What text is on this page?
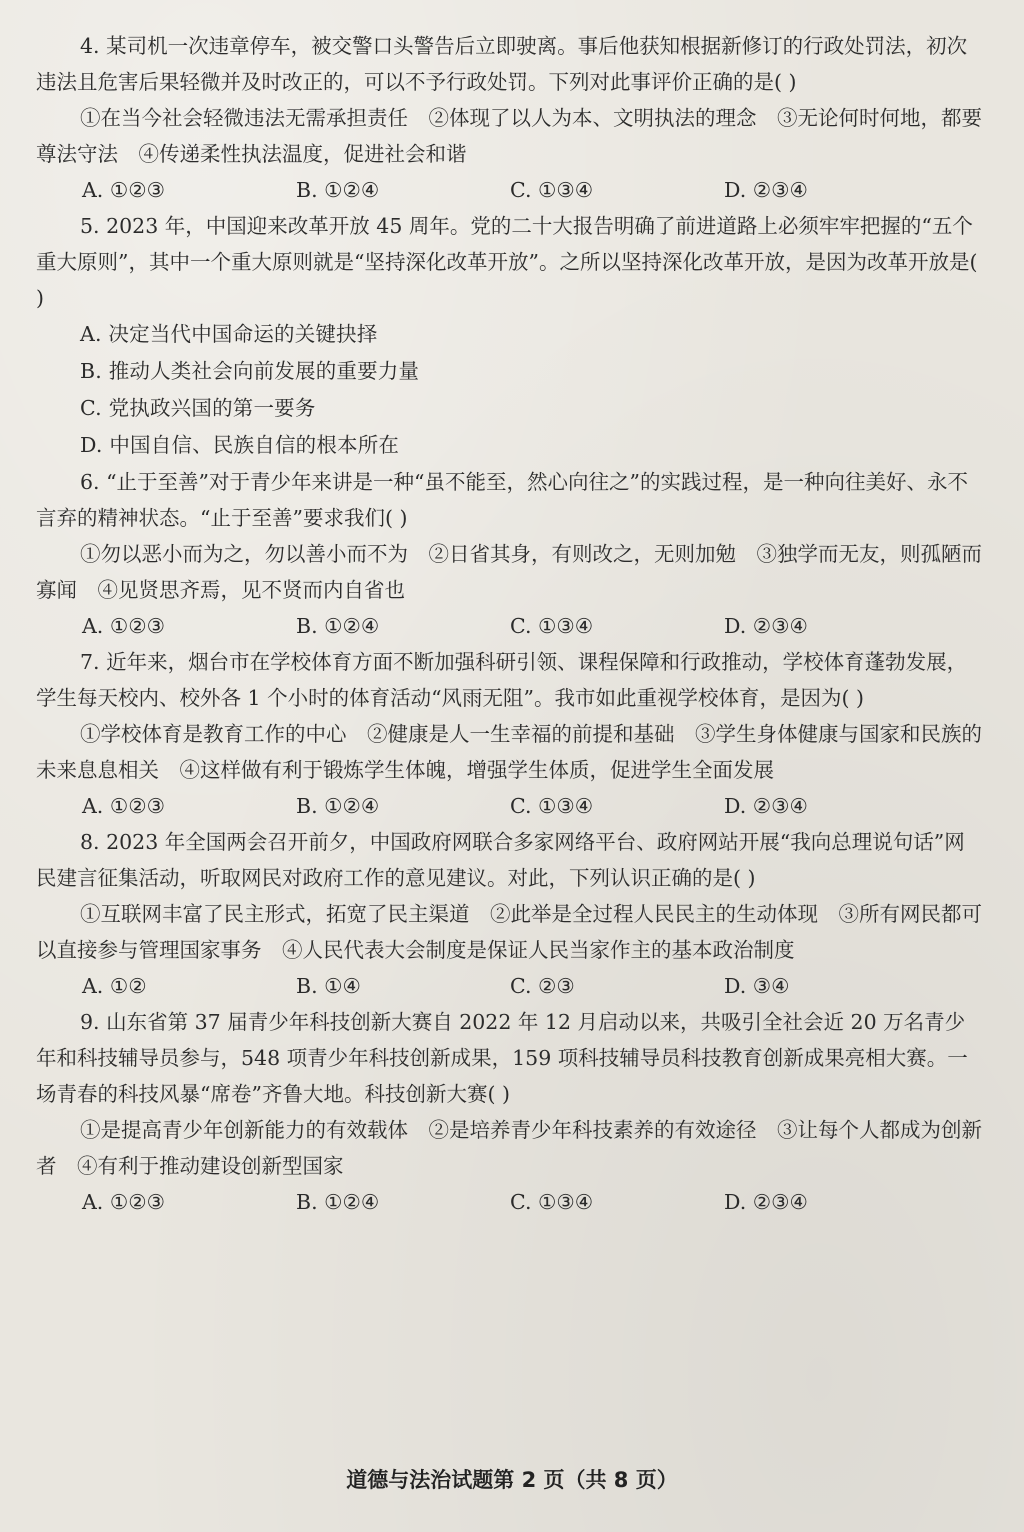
4. 某司机一次违章停车，被交警口头警告后立即驶离。事后他获知根据新修订的行政处罚法，初次违法且危害后果轻微并及时改正的，可以不予行政处罚。下列对此事评价正确的是( )

①在当今社会轻微违法无需承担责任　②体现了以人为本、文明执法的理念　③无论何时何地，都要尊法守法　④传递柔性执法温度，促进社会和谐

A. ①②③	B. ①②④	C. ①③④	D. ②③④

5. 2023 年，中国迎来改革开放 45 周年。党的二十大报告明确了前进道路上必须牢牢把握的“五个重大原则”，其中一个重大原则就是“坚持深化改革开放”。之所以坚持深化改革开放，是因为改革开放是( )

A. 决定当代中国命运的关键抉择

B. 推动人类社会向前发展的重要力量

C. 党执政兴国的第一要务

D. 中国自信、民族自信的根本所在

6. “止于至善”对于青少年来讲是一种“虽不能至，然心向往之”的实践过程，是一种向往美好、永不言弃的精神状态。“止于至善”要求我们( )

①勿以恶小而为之，勿以善小而不为　②日省其身，有则改之，无则加勉　③独学而无友，则孤陋而寡闻　④见贤思齐焉，见不贤而内自省也

A. ①②③	B. ①②④	C. ①③④	D. ②③④

7. 近年来，烟台市在学校体育方面不断加强科研引领、课程保障和行政推动，学校体育蓬勃发展，学生每天校内、校外各 1 个小时的体育活动“风雨无阻”。我市如此重视学校体育，是因为( )

①学校体育是教育工作的中心　②健康是人一生幸福的前提和基础　③学生身体健康与国家和民族的未来息息相关　④这样做有利于锻炼学生体魄，增强学生体质，促进学生全面发展

A. ①②③	B. ①②④	C. ①③④	D. ②③④

8. 2023 年全国两会召开前夕，中国政府网联合多家网络平台、政府网站开展“我向总理说句话”网民建言征集活动，听取网民对政府工作的意见建议。对此，下列认识正确的是( )

①互联网丰富了民主形式，拓宽了民主渠道　②此举是全过程人民民主的生动体现　③所有网民都可以直接参与管理国家事务　④人民代表大会制度是保证人民当家作主的基本政治制度

A. ①②	B. ①④	C. ②③	D. ③④

9. 山东省第 37 届青少年科技创新大赛自 2022 年 12 月启动以来，共吸引全社会近 20 万名青少年和科技辅导员参与，548 项青少年科技创新成果，159 项科技辅导员科技教育创新成果亮相大赛。一场青春的科技风暴“席卷”齐鲁大地。科技创新大赛( )

①是提高青少年创新能力的有效载体　②是培养青少年科技素养的有效途径　③让每个人都成为创新者　④有利于推动建设创新型国家

A. ①②③	B. ①②④	C. ①③④	D. ②③④
道德与法治试题第 2 页（共 8 页）
